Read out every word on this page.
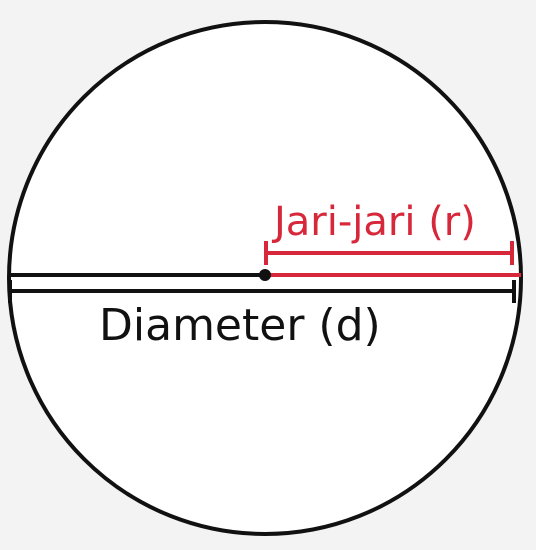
Jari-jari (r)
Diameter (d)
